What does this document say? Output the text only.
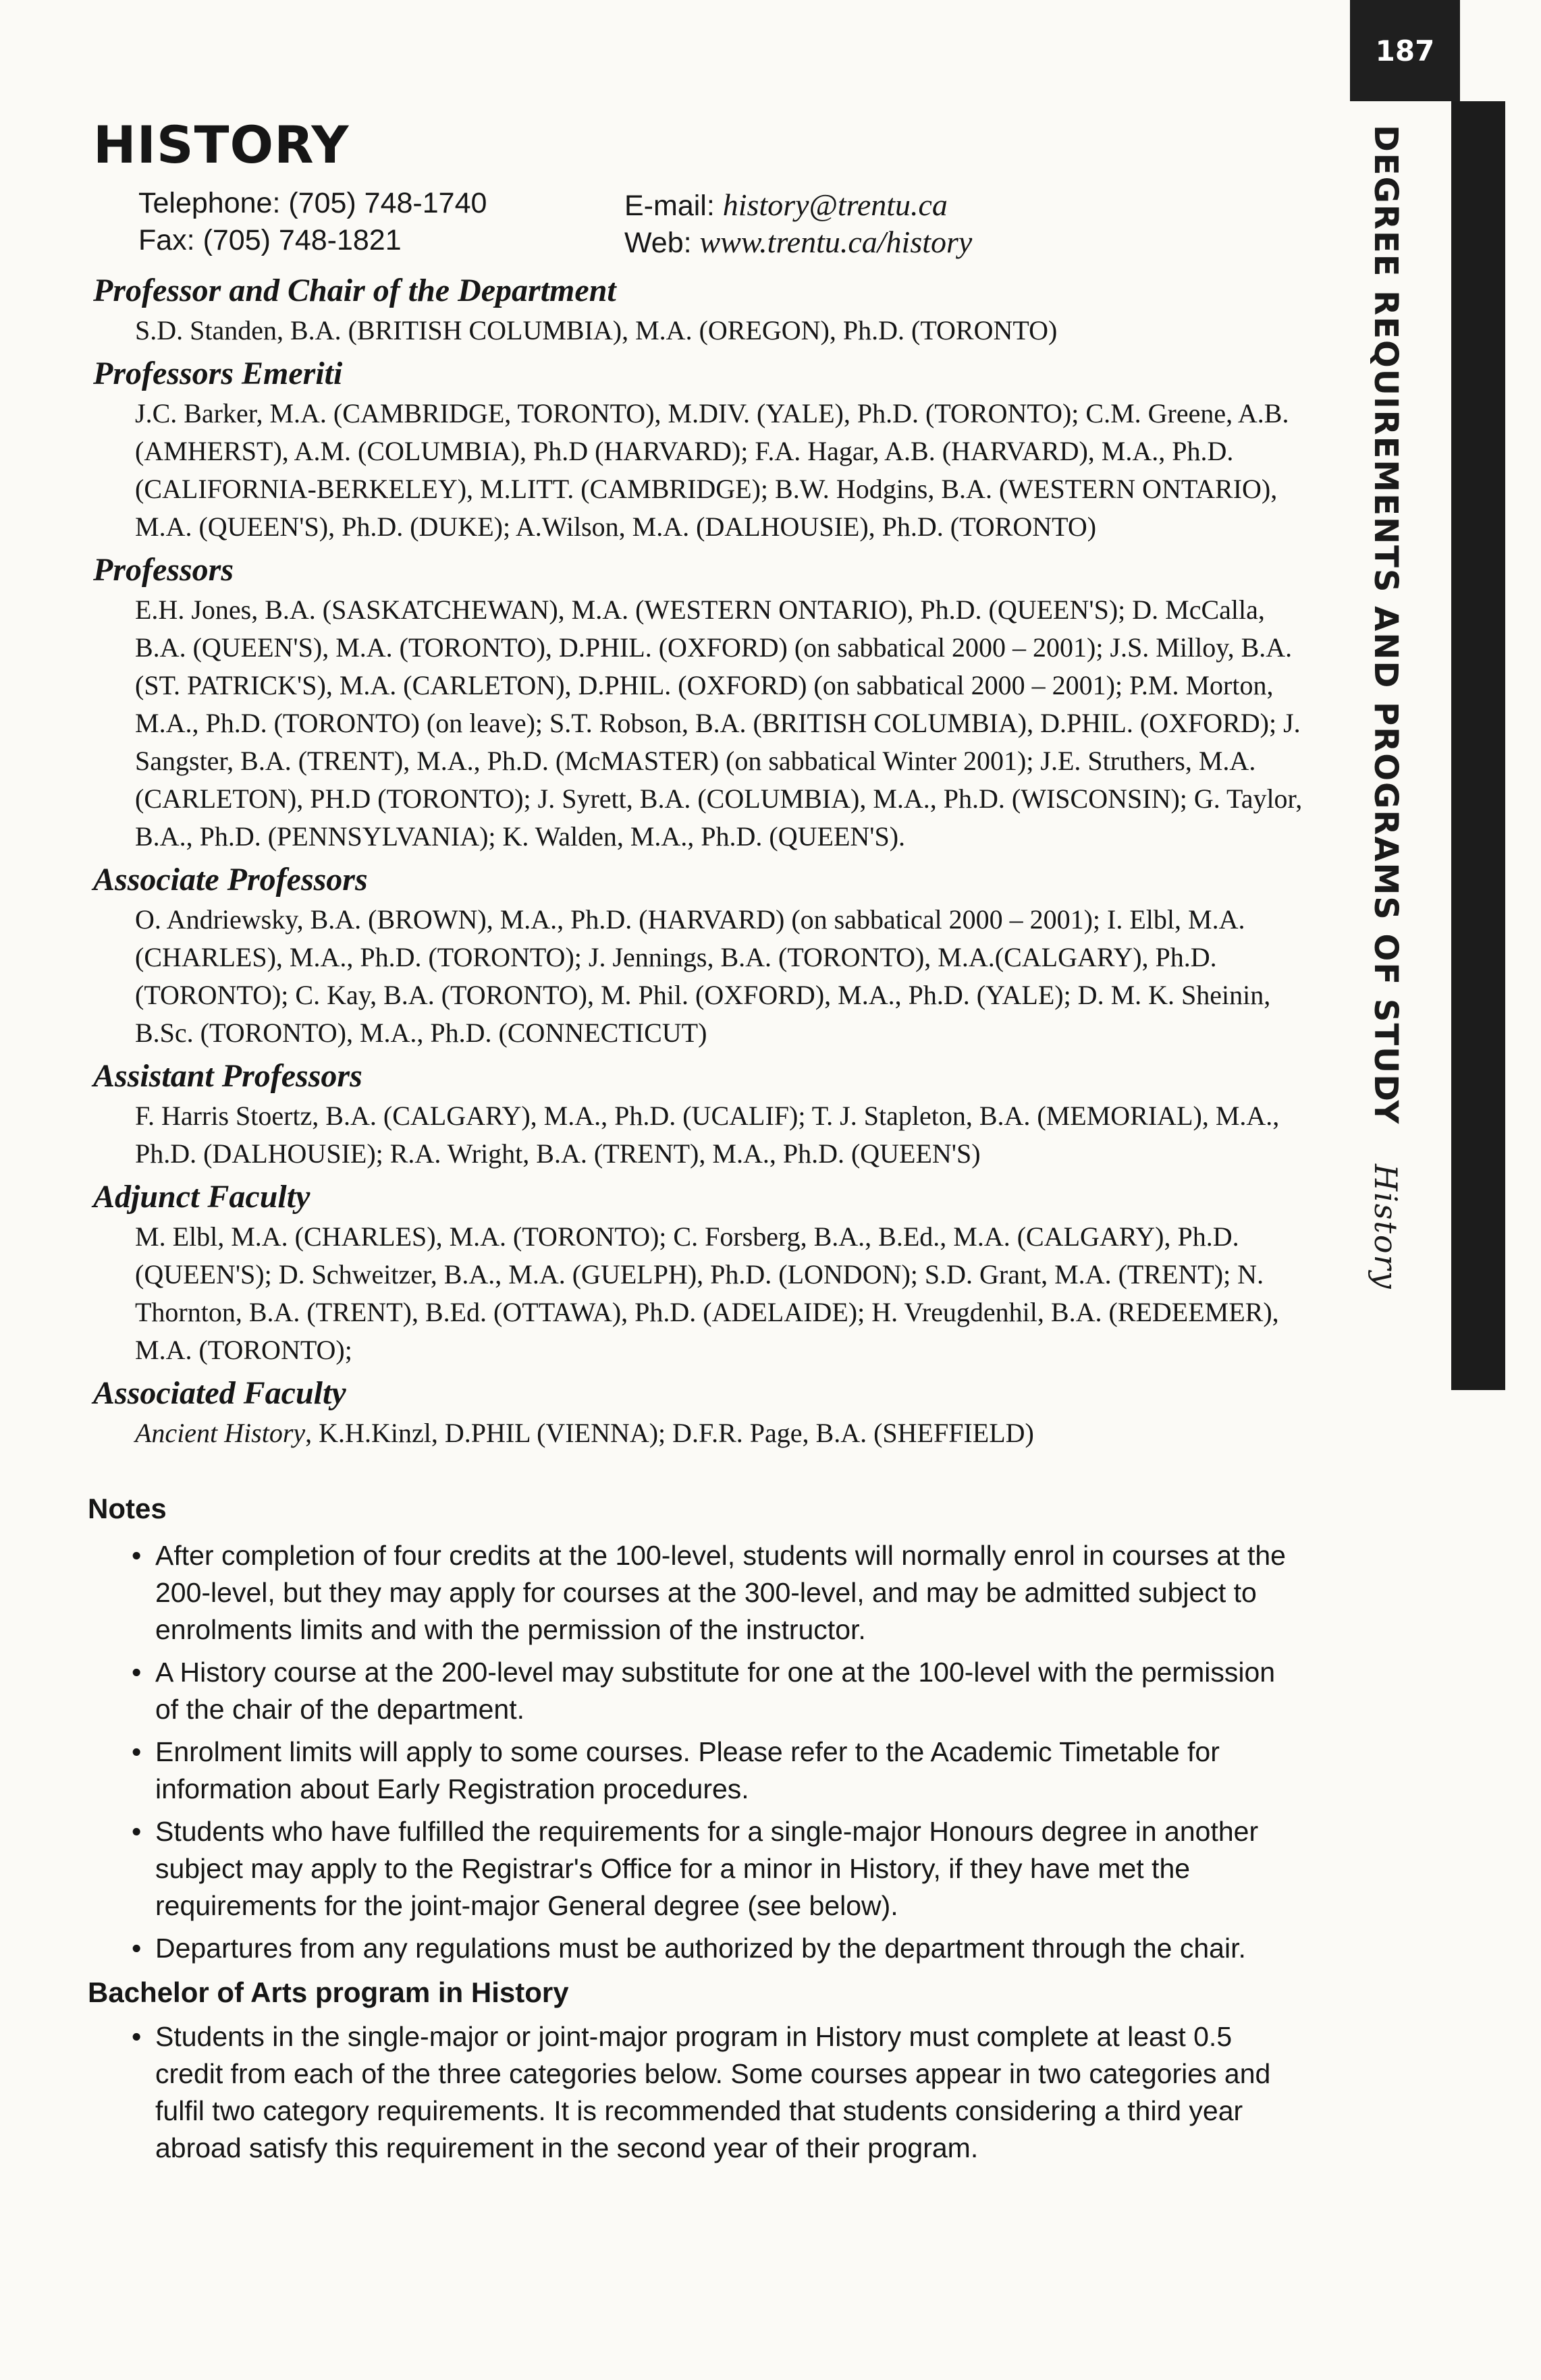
187
DEGREE REQUIREMENTS AND PROGRAMS OF STUDY History
HISTORY
Telephone: (705) 748-1740
Fax: (705) 748-1821
E-mail: history@trentu.ca
Web: www.trentu.ca/history
Professor and Chair of the Department
S.D. Standen, B.A. (BRITISH COLUMBIA), M.A. (OREGON), Ph.D. (TORONTO)
Professors Emeriti
J.C. Barker, M.A. (CAMBRIDGE, TORONTO), M.DIV. (YALE), Ph.D. (TORONTO); C.M. Greene, A.B. (AMHERST), A.M. (COLUMBIA), Ph.D (HARVARD); F.A. Hagar, A.B. (HARVARD), M.A., Ph.D. (CALIFORNIA-BERKELEY), M.LITT. (CAMBRIDGE); B.W. Hodgins, B.A. (WESTERN ONTARIO), M.A. (QUEEN'S), Ph.D. (DUKE); A.Wilson, M.A. (DALHOUSIE), Ph.D. (TORONTO)
Professors
E.H. Jones, B.A. (SASKATCHEWAN), M.A. (WESTERN ONTARIO), Ph.D. (QUEEN'S); D. McCalla, B.A. (QUEEN'S), M.A. (TORONTO), D.PHIL. (OXFORD) (on sabbatical 2000 – 2001); J.S. Milloy, B.A. (ST. PATRICK'S), M.A. (CARLETON), D.PHIL. (OXFORD) (on sabbatical 2000 – 2001); P.M. Morton, M.A., Ph.D. (TORONTO) (on leave); S.T. Robson, B.A. (BRITISH COLUMBIA), D.PHIL. (OXFORD); J. Sangster, B.A. (TRENT), M.A., Ph.D. (McMASTER) (on sabbatical Winter 2001); J.E. Struthers, M.A. (CARLETON), PH.D (TORONTO); J. Syrett, B.A. (COLUMBIA), M.A., Ph.D. (WISCONSIN); G. Taylor, B.A., Ph.D. (PENNSYLVANIA); K. Walden, M.A., Ph.D. (QUEEN'S).
Associate Professors
O. Andriewsky, B.A. (BROWN), M.A., Ph.D. (HARVARD) (on sabbatical 2000 – 2001); I. Elbl, M.A. (CHARLES), M.A., Ph.D. (TORONTO); J. Jennings, B.A. (TORONTO), M.A.(CALGARY), Ph.D. (TORONTO); C. Kay, B.A. (TORONTO), M. Phil. (OXFORD), M.A., Ph.D. (YALE); D. M. K. Sheinin, B.Sc. (TORONTO), M.A., Ph.D. (CONNECTICUT)
Assistant Professors
F. Harris Stoertz, B.A. (CALGARY), M.A., Ph.D. (UCALIF); T. J. Stapleton, B.A. (MEMORIAL), M.A., Ph.D. (DALHOUSIE); R.A. Wright, B.A. (TRENT), M.A., Ph.D. (QUEEN'S)
Adjunct Faculty
M. Elbl, M.A. (CHARLES), M.A. (TORONTO); C. Forsberg, B.A., B.Ed., M.A. (CALGARY), Ph.D. (QUEEN'S); D. Schweitzer, B.A., M.A. (GUELPH), Ph.D. (LONDON); S.D. Grant, M.A. (TRENT); N. Thornton, B.A. (TRENT), B.Ed. (OTTAWA), Ph.D. (ADELAIDE); H. Vreugdenhil, B.A. (REDEEMER), M.A. (TORONTO);
Associated Faculty
Ancient History, K.H.Kinzl, D.PHIL (VIENNA); D.F.R. Page, B.A. (SHEFFIELD)
Notes
• After completion of four credits at the 100-level, students will normally enrol in courses at the 200-level, but they may apply for courses at the 300-level, and may be admitted subject to enrolments limits and with the permission of the instructor.
• A History course at the 200-level may substitute for one at the 100-level with the permission of the chair of the department.
• Enrolment limits will apply to some courses. Please refer to the Academic Timetable for information about Early Registration procedures.
• Students who have fulfilled the requirements for a single-major Honours degree in another subject may apply to the Registrar's Office for a minor in History, if they have met the requirements for the joint-major General degree (see below).
• Departures from any regulations must be authorized by the department through the chair.
Bachelor of Arts program in History
• Students in the single-major or joint-major program in History must complete at least 0.5 credit from each of the three categories below. Some courses appear in two categories and fulfil two category requirements. It is recommended that students considering a third year abroad satisfy this requirement in the second year of their program.
